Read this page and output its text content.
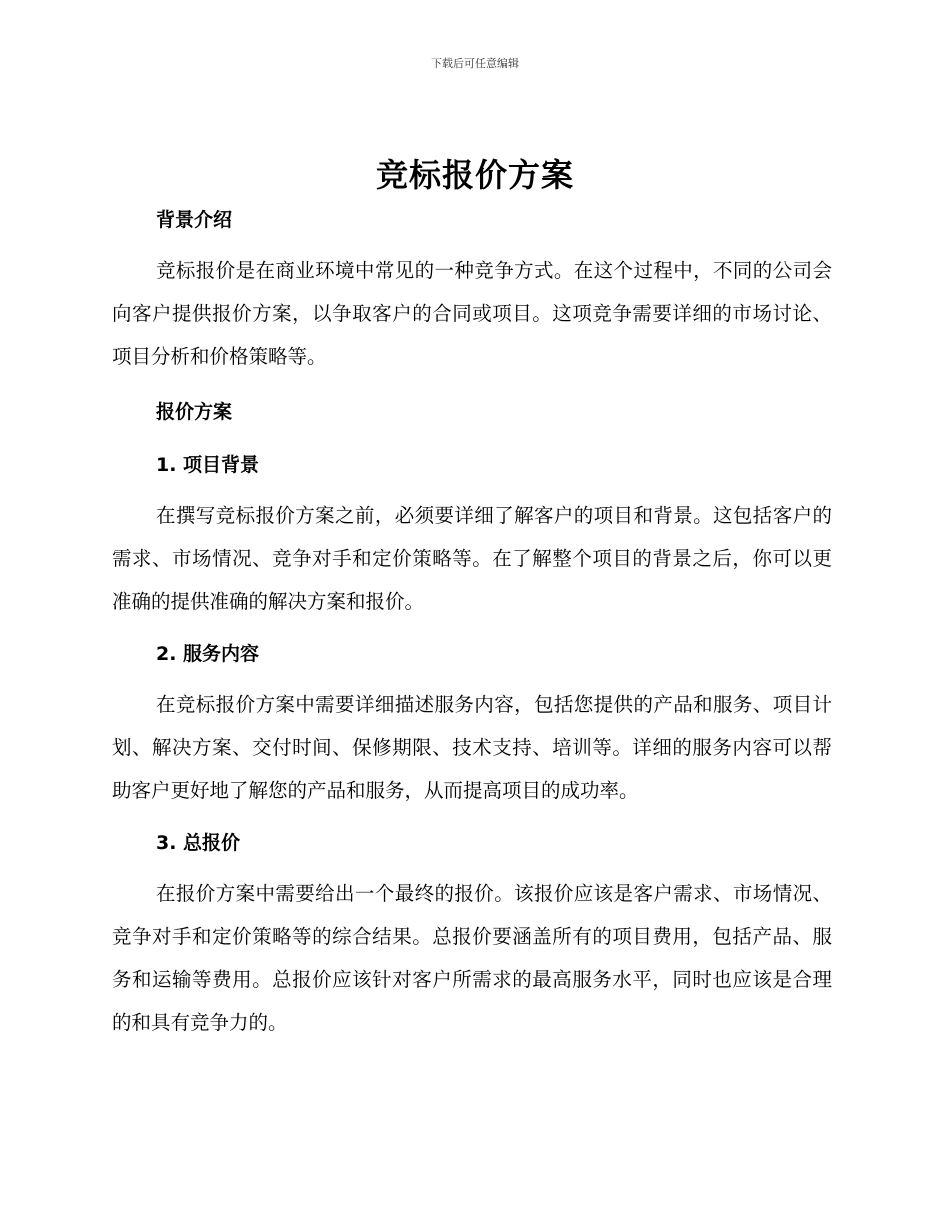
下载后可任意编辑
竞标报价方案

背景介绍

竞标报价是在商业环境中常见的一种竞争方式。在这个过程中，不同的公司会向客户提供报价方案，以争取客户的合同或项目。这项竞争需要详细的市场讨论、项目分析和价格策略等。

报价方案

1. 项目背景

在撰写竞标报价方案之前，必须要详细了解客户的项目和背景。这包括客户的需求、市场情况、竞争对手和定价策略等。在了解整个项目的背景之后，你可以更准确的提供准确的解决方案和报价。

2. 服务内容

在竞标报价方案中需要详细描述服务内容，包括您提供的产品和服务、项目计划、解决方案、交付时间、保修期限、技术支持、培训等。详细的服务内容可以帮助客户更好地了解您的产品和服务，从而提高项目的成功率。

3. 总报价

在报价方案中需要给出一个最终的报价。该报价应该是客户需求、市场情况、竞争对手和定价策略等的综合结果。总报价要涵盖所有的项目费用，包括产品、服务和运输等费用。总报价应该针对客户所需求的最高服务水平，同时也应该是合理的和具有竞争力的。
